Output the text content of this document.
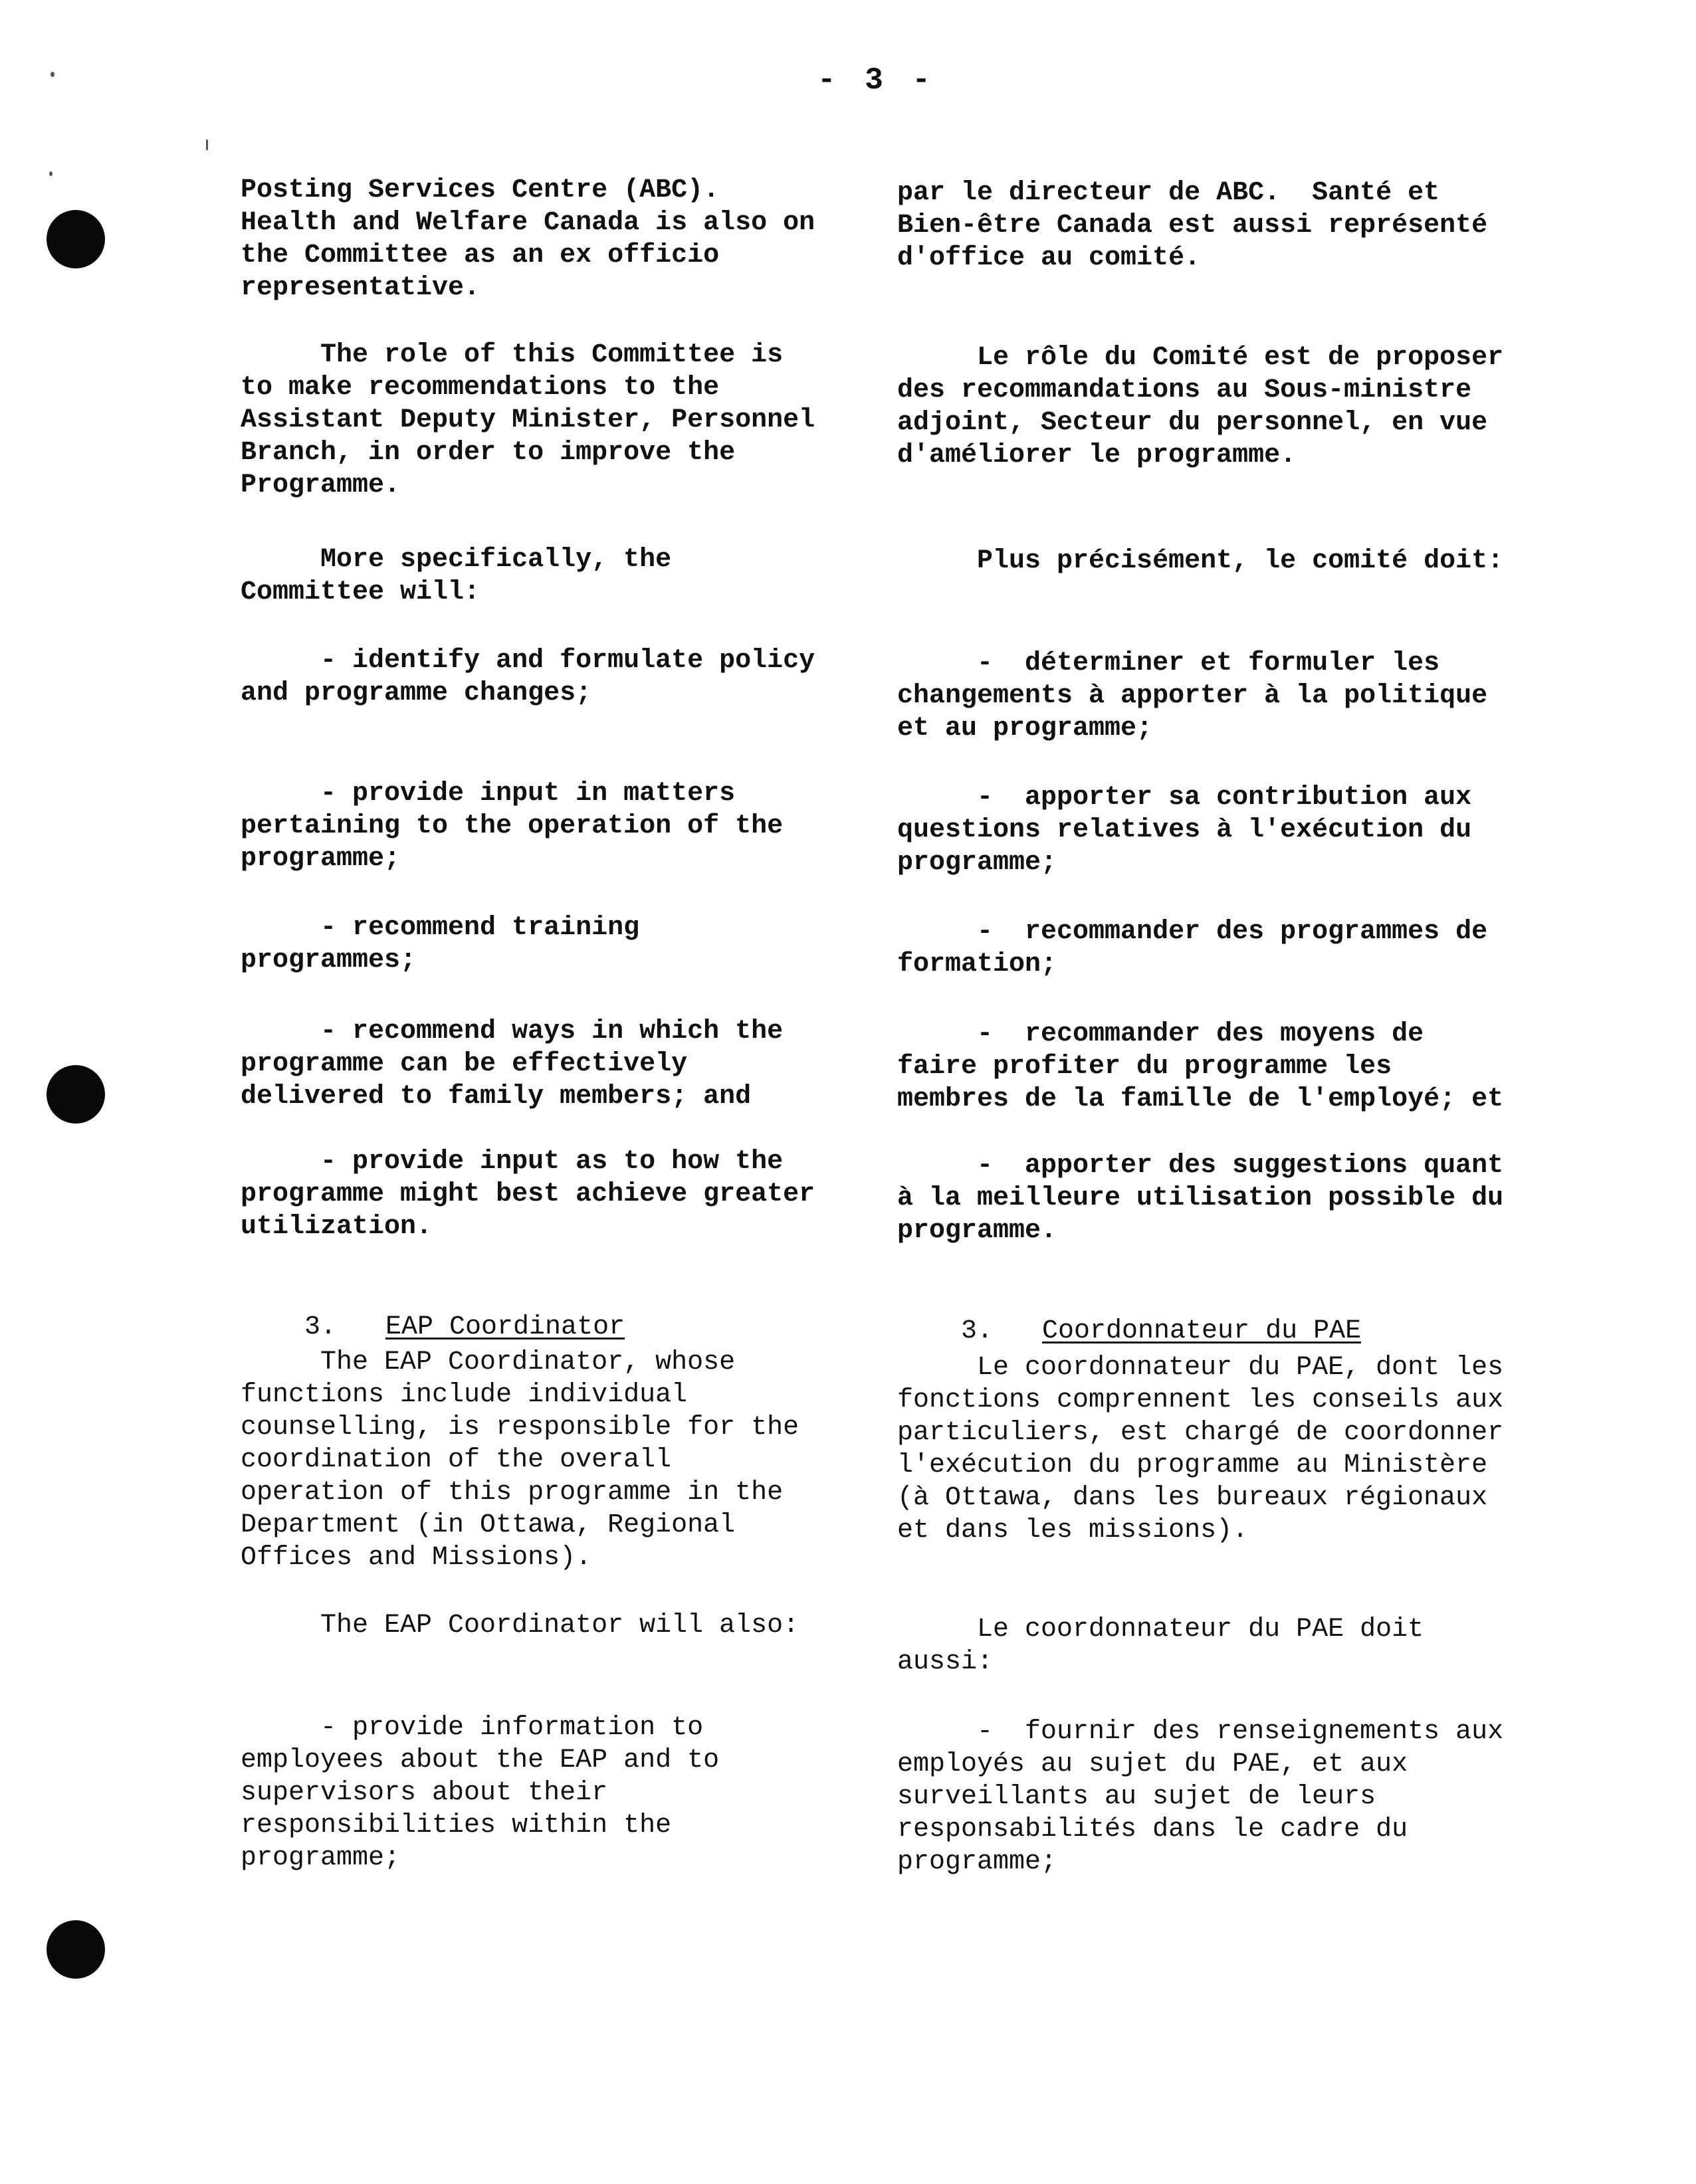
- 3 -

Posting Services Centre (ABC).
Health and Welfare Canada is also on
the Committee as an ex officio
representative.

The role of this Committee is
to make recommendations to the
Assistant Deputy Minister, Personnel
Branch, in order to improve the
Programme.

More specifically, the
Committee will:

- identify and formulate policy
and programme changes;

- provide input in matters
pertaining to the operation of the
programme;

- recommend training
programmes;

- recommend ways in which the
programme can be effectively
delivered to family members; and

- provide input as to how the
programme might best achieve greater
utilization.

3. EAP Coordinator

The EAP Coordinator, whose
functions include individual
counselling, is responsible for the
coordination of the overall
operation of this programme in the
Department (in Ottawa, Regional
Offices and Missions).

The EAP Coordinator will also:

- provide information to
employees about the EAP and to
supervisors about their
responsibilities within the
programme;

par le directeur de ABC.  Santé et
Bien-être Canada est aussi représenté
d'office au comité.

Le rôle du Comité est de proposer
des recommandations au Sous-ministre
adjoint, Secteur du personnel, en vue
d'améliorer le programme.

Plus précisément, le comité doit:

-  déterminer et formuler les
changements à apporter à la politique
et au programme;

-  apporter sa contribution aux
questions relatives à l'exécution du
programme;

-  recommander des programmes de
formation;

-  recommander des moyens de
faire profiter du programme les
membres de la famille de l'employé; et

-  apporter des suggestions quant
à la meilleure utilisation possible du
programme.

3. Coordonnateur du PAE

Le coordonnateur du PAE, dont les
fonctions comprennent les conseils aux
particuliers, est chargé de coordonner
l'exécution du programme au Ministère
(à Ottawa, dans les bureaux régionaux
et dans les missions).

Le coordonnateur du PAE doit
aussi:

-  fournir des renseignements aux
employés au sujet du PAE, et aux
surveillants au sujet de leurs
responsabilités dans le cadre du
programme;
